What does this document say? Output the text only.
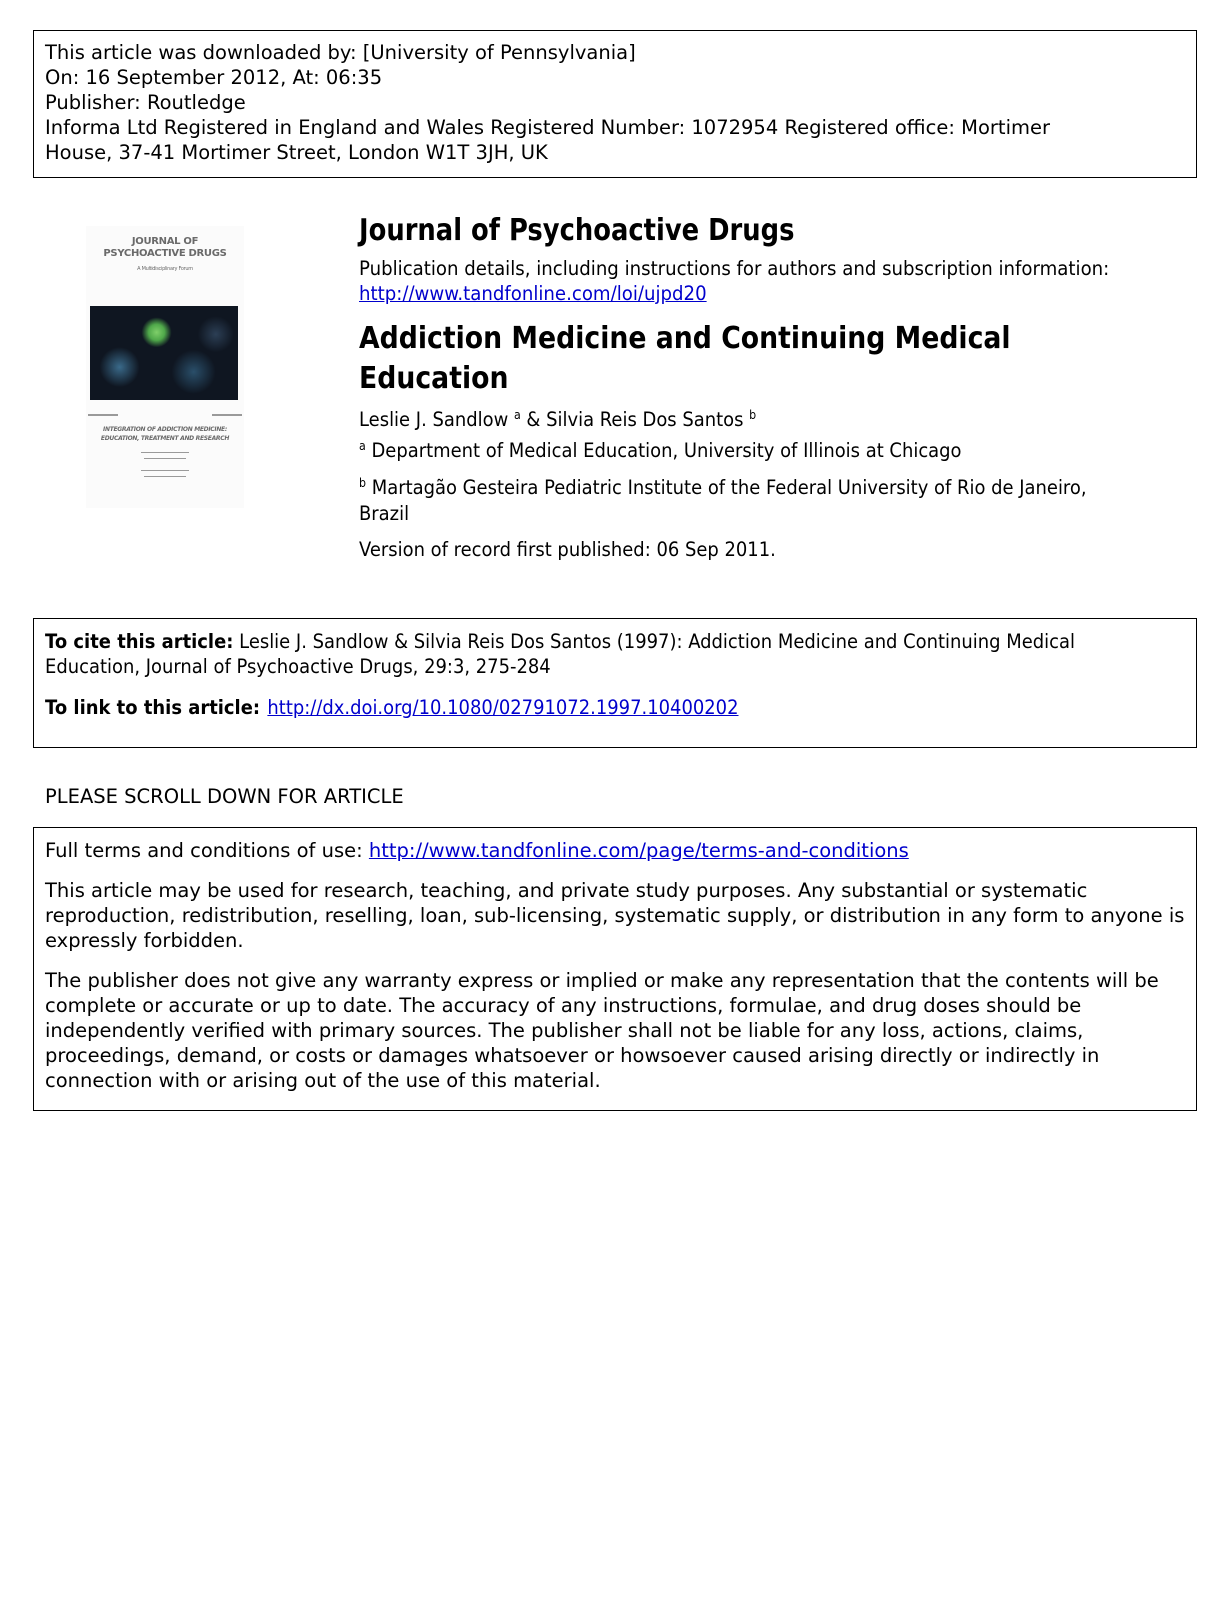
This article was downloaded by: [University of Pennsylvania]
On: 16 September 2012, At: 06:35
Publisher: Routledge
Informa Ltd Registered in England and Wales Registered Number: 1072954 Registered office: Mortimer
House, 37-41 Mortimer Street, London W1T 3JH, UK
JOURNAL OF
PSYCHOACTIVE DRUGS
A Multidisciplinary Forum
INTEGRATION OF ADDICTION MEDICINE:
EDUCATION, TREATMENT AND RESEARCH
Journal of Psychoactive Drugs
Publication details, including instructions for authors and subscription information:
http://www.tandfonline.com/loi/ujpd20
Addiction Medicine and Continuing Medical
Education
Leslie J. Sandlow $^a$ & Silvia Reis Dos Santos $^b$
$^a$ Department of Medical Education, University of Illinois at Chicago
$^b$ Martagão Gesteira Pediatric Institute of the Federal University of Rio de Janeiro, Brazil
Version of record first published: 06 Sep 2011.
To cite this article: Leslie J. Sandlow & Silvia Reis Dos Santos (1997): Addiction Medicine and Continuing Medical
Education, Journal of Psychoactive Drugs, 29:3, 275-284
To link to this article: http://dx.doi.org/10.1080/02791072.1997.10400202
PLEASE SCROLL DOWN FOR ARTICLE

Full terms and conditions of use: http://www.tandfonline.com/page/terms-and-conditions

This article may be used for research, teaching, and private study purposes. Any substantial or systematic reproduction, redistribution, reselling, loan, sub-licensing, systematic supply, or distribution in any form to anyone is expressly forbidden.

The publisher does not give any warranty express or implied or make any representation that the contents will be complete or accurate or up to date. The accuracy of any instructions, formulae, and drug doses should be independently verified with primary sources. The publisher shall not be liable for any loss, actions, claims, proceedings, demand, or costs or damages whatsoever or howsoever caused arising directly or indirectly in connection with or arising out of the use of this material.
